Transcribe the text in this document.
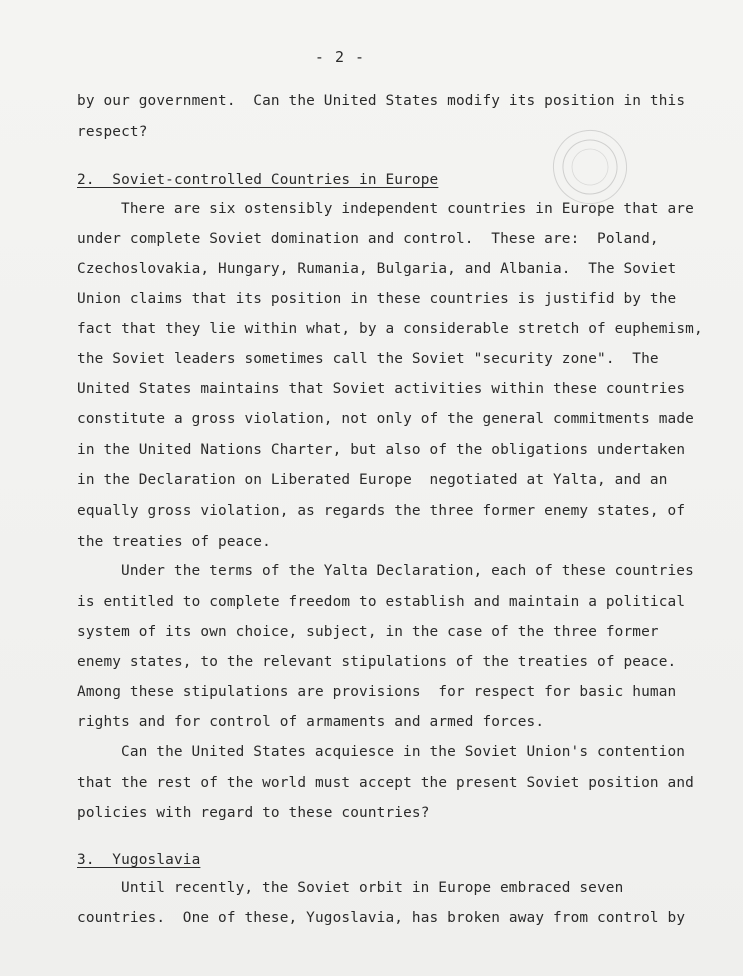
- 2 -
by our government.  Can the United States modify its position in this
respect?
2.  Soviet-controlled Countries in Europe
There are six ostensibly independent countries in Europe that are
under complete Soviet domination and control.  These are:  Poland,
Czechoslovakia, Hungary, Rumania, Bulgaria, and Albania.  The Soviet
Union claims that its position in these countries is justifid by the
fact that they lie within what, by a considerable stretch of euphemism,
the Soviet leaders sometimes call the Soviet "security zone".  The
United States maintains that Soviet activities within these countries
constitute a gross violation, not only of the general commitments made
in the United Nations Charter, but also of the obligations undertaken
in the Declaration on Liberated Europe  negotiated at Yalta, and an
equally gross violation, as regards the three former enemy states, of
the treaties of peace.
Under the terms of the Yalta Declaration, each of these countries
is entitled to complete freedom to establish and maintain a political
system of its own choice, subject, in the case of the three former
enemy states, to the relevant stipulations of the treaties of peace.
Among these stipulations are provisions  for respect for basic human
rights and for control of armaments and armed forces.
Can the United States acquiesce in the Soviet Union's contention
that the rest of the world must accept the present Soviet position and
policies with regard to these countries?
3.  Yugoslavia
Until recently, the Soviet orbit in Europe embraced seven
countries.  One of these, Yugoslavia, has broken away from control by
